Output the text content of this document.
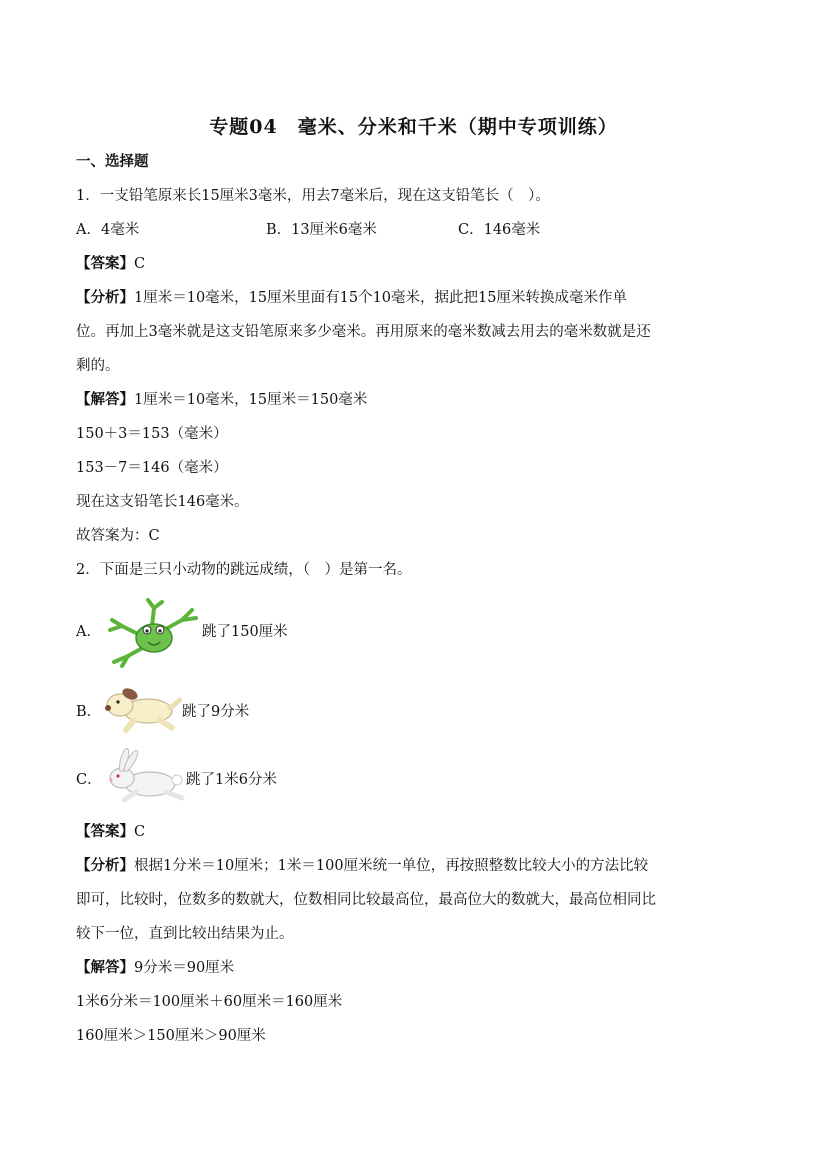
专题04　毫米、分米和千米（期中专项训练）
一、选择题
1．一支铅笔原来长15厘米3毫米，用去7毫米后，现在这支铅笔长（　）。
A．4毫米	B．13厘米6毫米	C．146毫米
【答案】C
【分析】1厘米＝10毫米，15厘米里面有15个10毫米，据此把15厘米转换成毫米作单
位。再加上3毫米就是这支铅笔原来多少毫米。再用原来的毫米数减去用去的毫米数就是还
剩的。
【解答】1厘米＝10毫米，15厘米＝150毫米
150＋3＝153（毫米）
153－7＝146（毫米）
现在这支铅笔长146毫米。
故答案为：C
2．下面是三只小动物的跳远成绩，（　）是第一名。
A．	跳了150厘米
B．	跳了9分米
C．	跳了1米6分米
【答案】C
【分析】根据1分米＝10厘米；1米＝100厘米统一单位，再按照整数比较大小的方法比较
即可，比较时，位数多的数就大，位数相同比较最高位，最高位大的数就大，最高位相同比
较下一位，直到比较出结果为止。
【解答】9分米＝90厘米
1米6分米＝100厘米＋60厘米＝160厘米
160厘米＞150厘米＞90厘米
